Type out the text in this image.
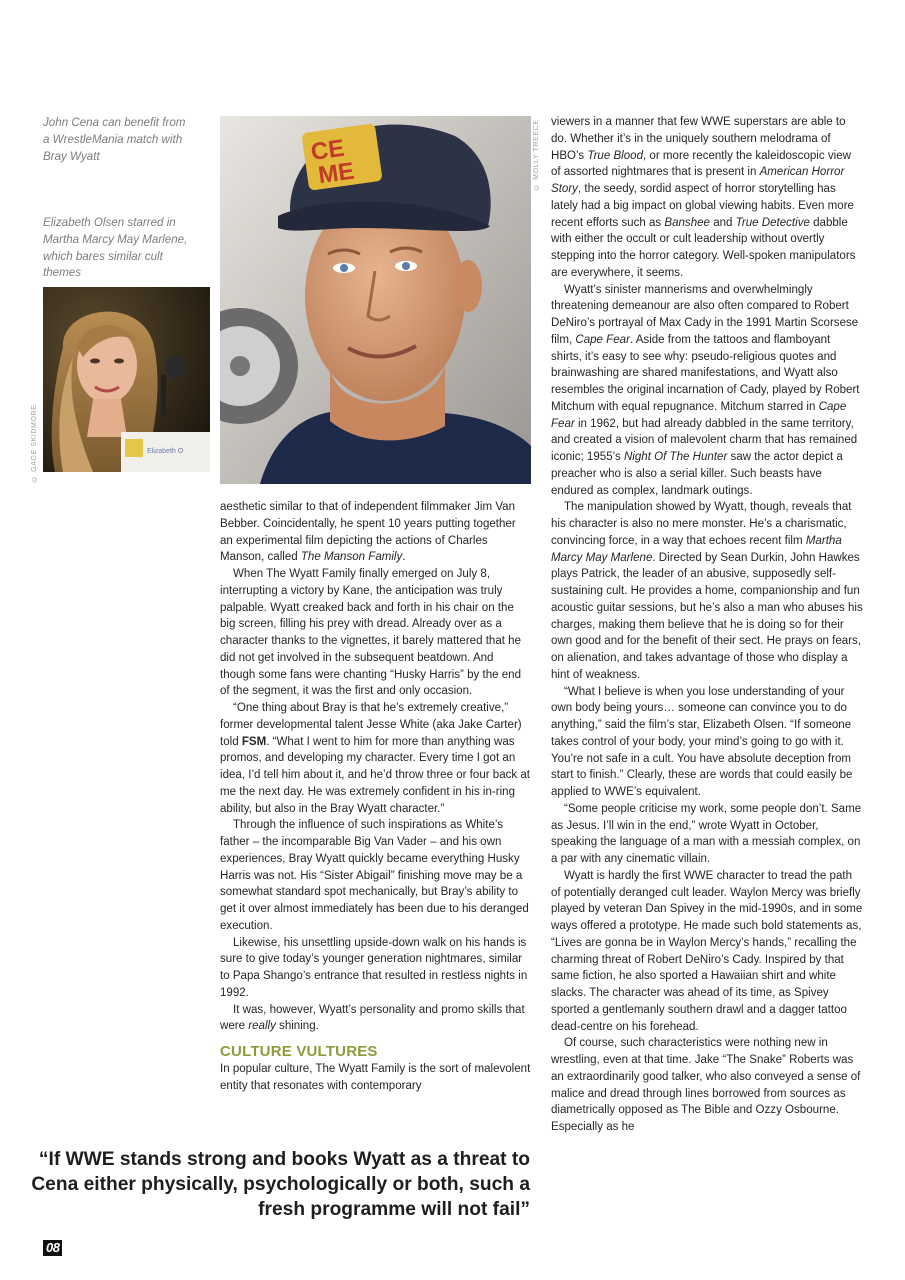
John Cena can benefit from a WrestleMania match with Bray Wyatt
Elizabeth Olsen starred in Martha Marcy May Marlene, which bares similar cult themes
Elizabeth O
© GAGE SKIDMORE
CE
ME	© MOLLY TREECE

aesthetic similar to that of independent filmmaker Jim Van Bebber. Coincidentally, he spent 10 years putting together an experimental film depicting the actions of Charles Manson, called The Manson Family.

When The Wyatt Family finally emerged on July 8, interrupting a victory by Kane, the anticipation was truly palpable. Wyatt creaked back and forth in his chair on the big screen, filling his prey with dread. Already over as a character thanks to the vignettes, it barely mattered that he did not get involved in the subsequent beatdown. And though some fans were chanting “Husky Harris” by the end of the segment, it was the first and only occasion.

“One thing about Bray is that he’s extremely creative,” former developmental talent Jesse White (aka Jake Carter) told FSM. “What I went to him for more than anything was promos, and developing my character. Every time I got an idea, I’d tell him about it, and he’d throw three or four back at me the next day. He was extremely confident in his in-ring ability, but also in the Bray Wyatt character.”

Through the influence of such inspirations as White’s father – the incomparable Big Van Vader – and his own experiences, Bray Wyatt quickly became everything Husky Harris was not. His “Sister Abigail” finishing move may be a somewhat standard spot mechanically, but Bray’s ability to get it over almost immediately has been due to his deranged execution.

Likewise, his unsettling upside-down walk on his hands is sure to give today’s younger generation nightmares, similar to Papa Shango’s entrance that resulted in restless nights in 1992.

It was, however, Wyatt’s personality and promo skills that were really shining.

CULTURE VULTURES

In popular culture, The Wyatt Family is the sort of malevolent entity that resonates with contemporary

viewers in a manner that few WWE superstars are able to do. Whether it’s in the uniquely southern melodrama of HBO’s True Blood, or more recently the kaleidoscopic view of assorted nightmares that is present in American Horror Story, the seedy, sordid aspect of horror storytelling has lately had a big impact on global viewing habits. Even more recent efforts such as Banshee and True Detective dabble with either the occult or cult leadership without overtly stepping into the horror category. Well-spoken manipulators are everywhere, it seems.

Wyatt’s sinister mannerisms and overwhelmingly threatening demeanour are also often compared to Robert DeNiro’s portrayal of Max Cady in the 1991 Martin Scorsese film, Cape Fear. Aside from the tattoos and flamboyant shirts, it’s easy to see why: pseudo-religious quotes and brainwashing are shared manifestations, and Wyatt also resembles the original incarnation of Cady, played by Robert Mitchum with equal repugnance. Mitchum starred in Cape Fear in 1962, but had already dabbled in the same territory, and created a vision of malevolent charm that has remained iconic; 1955’s Night Of The Hunter saw the actor depict a preacher who is also a serial killer. Such beasts have endured as complex, landmark outings.

The manipulation showed by Wyatt, though, reveals that his character is also no mere monster. He’s a charismatic, convincing force, in a way that echoes recent film Martha Marcy May Marlene. Directed by Sean Durkin, John Hawkes plays Patrick, the leader of an abusive, supposedly self-sustaining cult. He provides a home, companionship and fun acoustic guitar sessions, but he’s also a man who abuses his charges, making them believe that he is doing so for their own good and for the benefit of their sect. He prays on fears, on alienation, and takes advantage of those who display a hint of weakness.

“What I believe is when you lose understanding of your own body being yours… someone can convince you to do anything,” said the film’s star, Elizabeth Olsen. “If someone takes control of your body, your mind’s going to go with it. You’re not safe in a cult. You have absolute deception from start to finish.” Clearly, these are words that could easily be applied to WWE’s equivalent.

“Some people criticise my work, some people don’t. Same as Jesus. I’ll win in the end,” wrote Wyatt in October, speaking the language of a man with a messiah complex, on a par with any cinematic villain.

Wyatt is hardly the first WWE character to tread the path of potentially deranged cult leader. Waylon Mercy was briefly played by veteran Dan Spivey in the mid-1990s, and in some ways offered a prototype. He made such bold statements as, “Lives are gonna be in Waylon Mercy’s hands,” recalling the charming threat of Robert DeNiro’s Cady. Inspired by that same fiction, he also sported a Hawaiian shirt and white slacks. The character was ahead of its time, as Spivey sported a gentlemanly southern drawl and a dagger tattoo dead-centre on his forehead.

Of course, such characteristics were nothing new in wrestling, even at that time. Jake “The Snake” Roberts was an extraordinarily good talker, who also conveyed a sense of malice and dread through lines borrowed from sources as diametrically opposed as The Bible and Ozzy Osbourne. Especially as he

“If WWE stands strong and books Wyatt as a threat to Cena either physically, psychologically or both, such a fresh programme will not fail”
08
